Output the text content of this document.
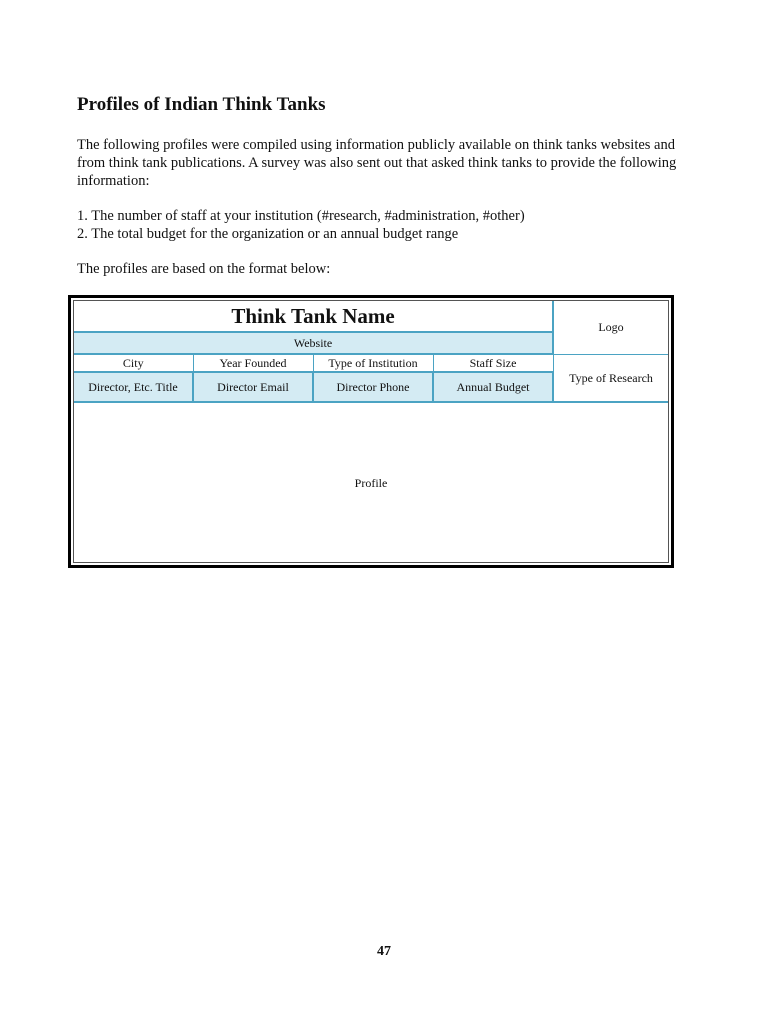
Profiles of Indian Think Tanks

The following profiles were compiled using information publicly available on think tanks websites and from think tank publications. A survey was also sent out that asked think tanks to provide the following information:

1. The number of staff at your institution (#research, #administration, #other)

2. The total budget for the organization or an annual budget range

The profiles are based on the format below:

Think Tank Name				Logo
Website				
City	Year Founded	Type of Institution	Staff Size	Type of Research
Director, Etc. Title	Director Email	Director Phone	Annual Budget	
Profile
47
